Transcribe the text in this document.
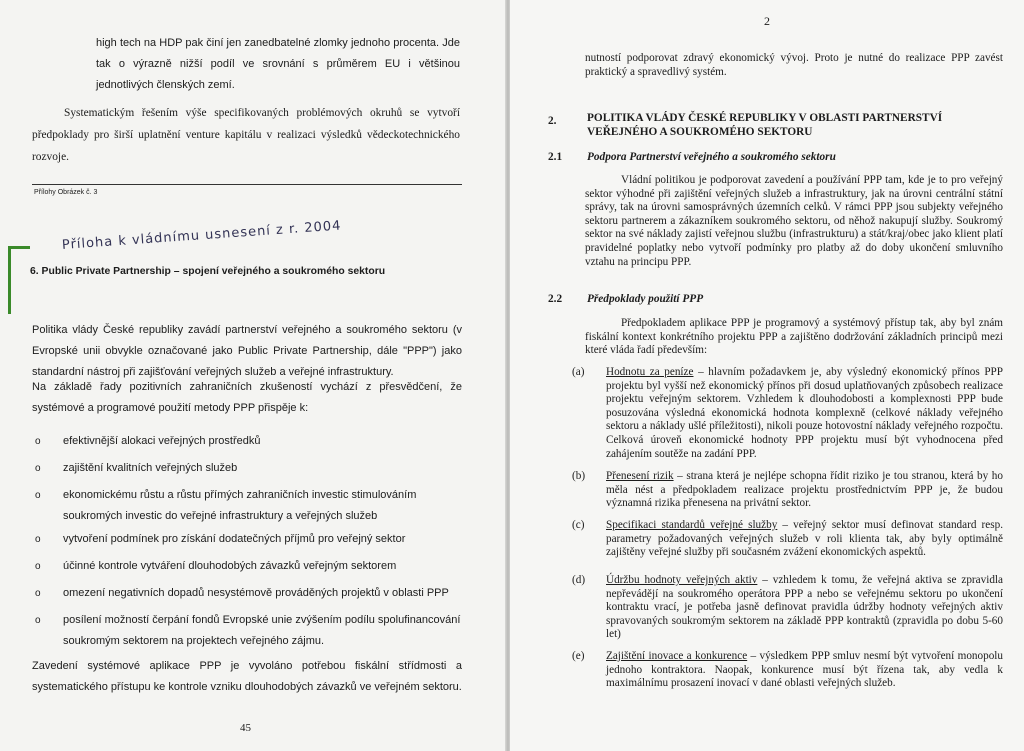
high tech na HDP pak činí jen zanedbatelné zlomky jednoho procenta. Jde tak o výrazně nižší podíl ve srovnání s průměrem EU i většinou jednotlivých členských zemí.
Systematickým řešením výše specifikovaných problémových okruhů se vytvoří předpoklady pro širší uplatnění venture kapitálu v realizaci výsledků vědeckotechnického rozvoje.
Přílohy Obrázek č. 3
Příloha k vládnímu usnesení z r. 2004
6. Public Private Partnership – spojení veřejného a soukromého sektoru
Politika vlády České republiky zavádí partnerství veřejného a soukromého sektoru (v Evropské unii obvykle označované jako Public Private Partnership, dále "PPP") jako standardní nástroj při zajišťování veřejných služeb a veřejné infrastruktury.
Na základě řady pozitivních zahraničních zkušeností vychází z přesvědčení, že systémové a programové použití metody PPP přispěje k:
o efektivnější alokaci veřejných prostředků
o zajištění kvalitních veřejných služeb
o ekonomickému růstu a růstu přímých zahraničních investic stimulováním soukromých investic do veřejné infrastruktury a veřejných služeb
o vytvoření podmínek pro získání dodatečných příjmů pro veřejný sektor
o účinné kontrole vytváření dlouhodobých závazků veřejným sektorem
o omezení negativních dopadů nesystémově prováděných projektů v oblasti PPP
o posílení možností čerpání fondů Evropské unie zvýšením podílu spolufinancování soukromým sektorem na projektech veřejného zájmu.
Zavedení systémové aplikace PPP je vyvoláno potřebou fiskální střídmosti a systematického přístupu ke kontrole vzniku dlouhodobých závazků ve veřejném sektoru.
45
2
nutností podporovat zdravý ekonomický vývoj. Proto je nutné do realizace PPP zavést praktický a spravedlivý systém.
2.	POLITIKA VLÁDY ČESKÉ REPUBLIKY V OBLASTI PARTNERSTVÍ VEŘEJNÉHO A SOUKROMÉHO SEKTORU
2.1 Podpora Partnerství veřejného a soukromého sektoru
Vládní politikou je podporovat zavedení a používání PPP tam, kde je to pro veřejný sektor výhodné při zajištění veřejných služeb a infrastruktury, jak na úrovni centrální státní správy, tak na úrovni samosprávných územních celků. V rámci PPP jsou subjekty veřejného sektoru partnerem a zákazníkem soukromého sektoru, od něhož nakupují služby. Soukromý sektor na své náklady zajistí veřejnou službu (infrastrukturu) a stát/kraj/obec jako klient platí pravidelné poplatky nebo vytvoří podmínky pro platby až do doby ukončení smluvního vztahu na principu PPP.
2.2 Předpoklady použití PPP
Předpokladem aplikace PPP je programový a systémový přístup tak, aby byl znám fiskální kontext konkrétního projektu PPP a zajištěno dodržování základních principů mezi které vláda řadí především:
(a) Hodnotu za peníze – hlavním požadavkem je, aby výsledný ekonomický přínos PPP projektu byl vyšší než ekonomický přínos při dosud uplatňovaných způsobech realizace projektu veřejným sektorem. Vzhledem k dlouhodobosti a komplexnosti PPP bude posuzována výsledná ekonomická hodnota komplexně (celkové náklady veřejného sektoru a náklady ušlé příležitosti), nikoli pouze hotovostní náklady veřejného rozpočtu. Celková úroveň ekonomické hodnoty PPP projektu musí být vyhodnocena před zahájením soutěže na zadání PPP.
(b) Přenesení rizik – strana která je nejlépe schopna řídit riziko je tou stranou, která by ho měla nést a předpokladem realizace projektu prostřednictvím PPP je, že budou významná rizika přenesena na privátní sektor.
(c) Specifikaci standardů veřejné služby – veřejný sektor musí definovat standard resp. parametry požadovaných veřejných služeb v roli klienta tak, aby byly optimálně zajištěny veřejné služby při současném zvážení ekonomických aspektů.
(d) Údržbu hodnoty veřejných aktiv – vzhledem k tomu, že veřejná aktiva se zpravidla nepřevádějí na soukromého operátora PPP a nebo se veřejnému sektoru po ukončení kontraktu vrací, je potřeba jasně definovat pravidla údržby hodnoty veřejných aktiv spravovaných soukromým sektorem na základě PPP kontraktů (zpravidla po dobu 5-60 let)
(e) Zajištění inovace a konkurence – výsledkem PPP smluv nesmí být vytvoření monopolu jednoho kontraktora. Naopak, konkurence musí být řízena tak, aby vedla k maximálnímu prosazení inovací v dané oblasti veřejných služeb.
